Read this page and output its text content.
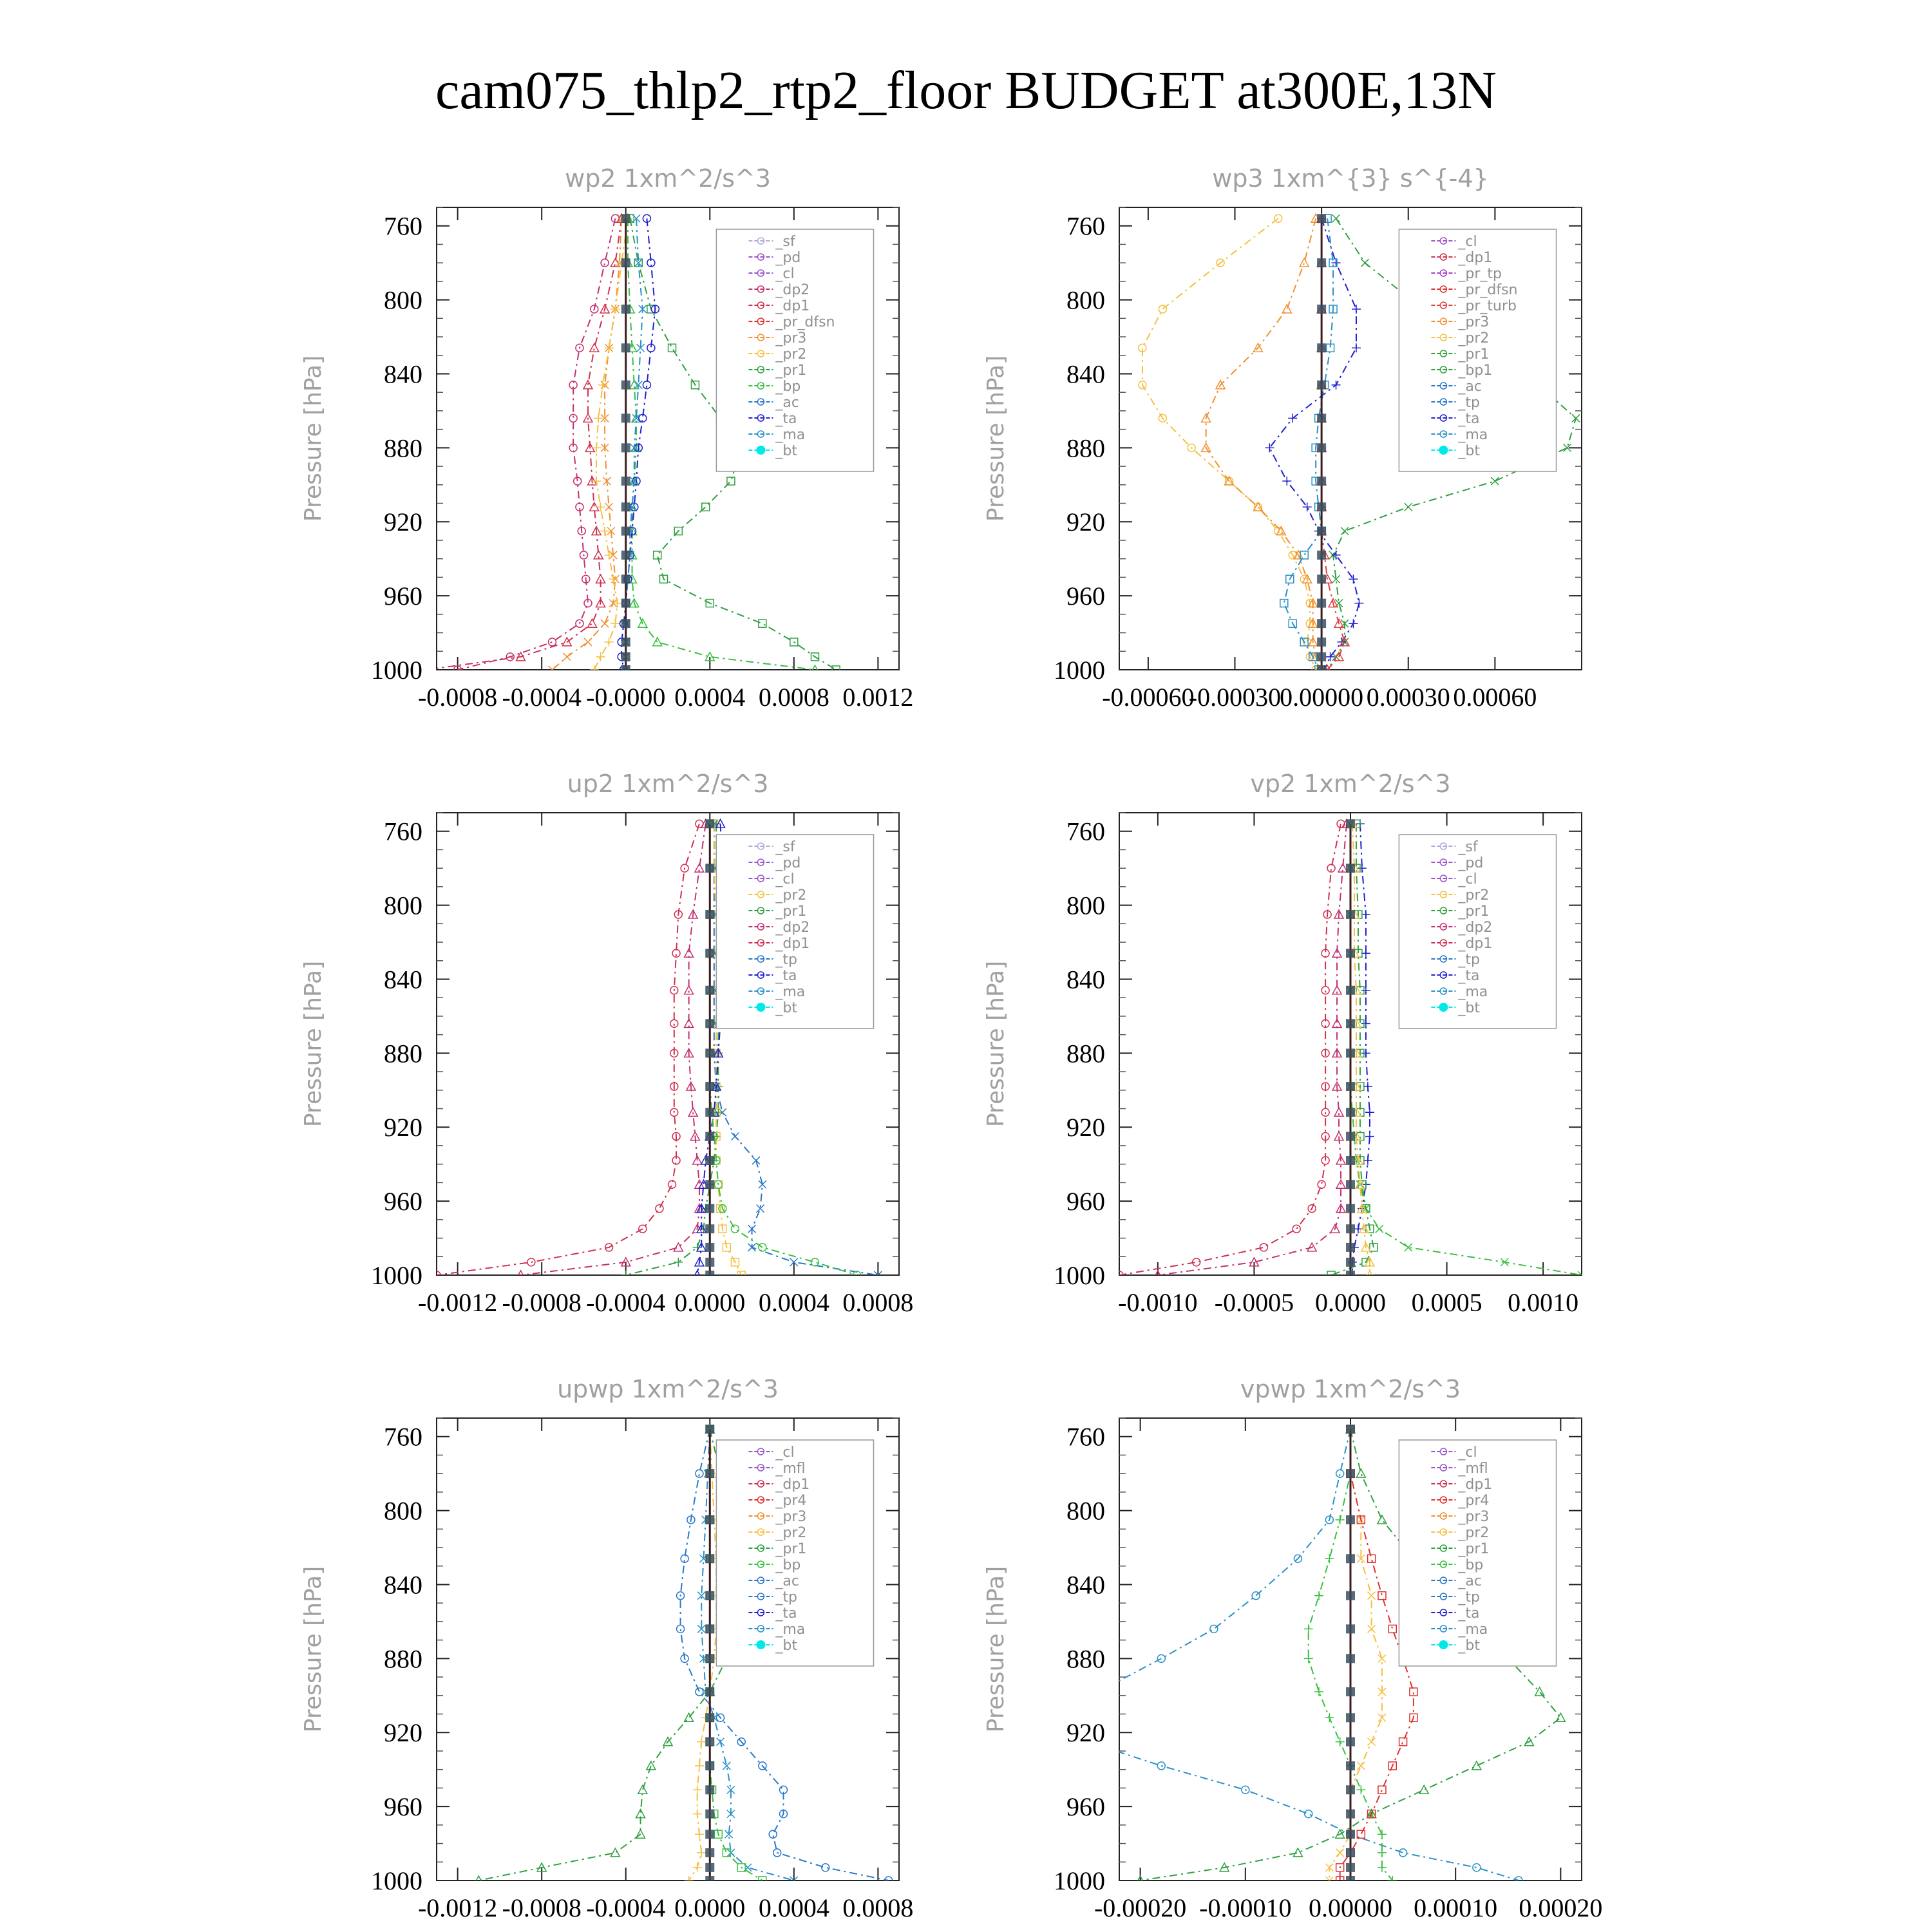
cam075_thlp2_rtp2_floor BUDGET at300E,13N
wp2 1xm^2/s^3
Pressure [hPa]
760
800
840
880
920
960
1000
-0.0008 -0.0004 -0.0000 0.0004 0.0008 0.0012
_sf
_pd
_cl
_dp2
_dp1
_pr_dfsn
_pr3
_pr2
_pr1
_bp
_ac
_ta
_ma
_bt
wp3 1xm^{3} s^{-4}
Pressure [hPa]
760
800
840
880
920
960
1000
-0.00060
-0.00030
0.00000 0.00030 0.00060
_cl
_dp1
_pr_tp
_pr_dfsn
_pr_turb
_pr3
_pr2
_pr1
_bp1
_ac
_tp
_ta
_ma
_bt
up2 1xm^2/s^3
Pressure [hPa]
760
800
840
880
920
960
1000
-0.0012 -0.0008 -0.0004 0.0000 0.0004 0.0008
_sf
_pd
_cl
_pr2
_pr1
_dp2
_dp1
_tp
_ta
_ma
_bt
vp2 1xm^2/s^3
Pressure [hPa]
760
800
840
880
920
960
1000
-0.0010 -0.0005 0.0000 0.0005 0.0010
_sf
_pd
_cl
_pr2
_pr1
_dp2
_dp1
_tp
_ta
_ma
_bt
upwp 1xm^2/s^3
Pressure [hPa]
760
800
840
880
920
960
1000
-0.0012 -0.0008 -0.0004 0.0000 0.0004 0.0008
_cl
_mfl
_dp1
_pr4
_pr3
_pr2
_pr1
_bp
_ac
_tp
_ta
_ma
_bt
vpwp 1xm^2/s^3
Pressure [hPa]
760
800
840
880
920
960
1000
-0.00020 -0.00010 0.00000 0.00010 0.00020
_cl
_mfl
_dp1
_pr4
_pr3
_pr2
_pr1
_bp
_ac
_tp
_ta
_ma
_bt
